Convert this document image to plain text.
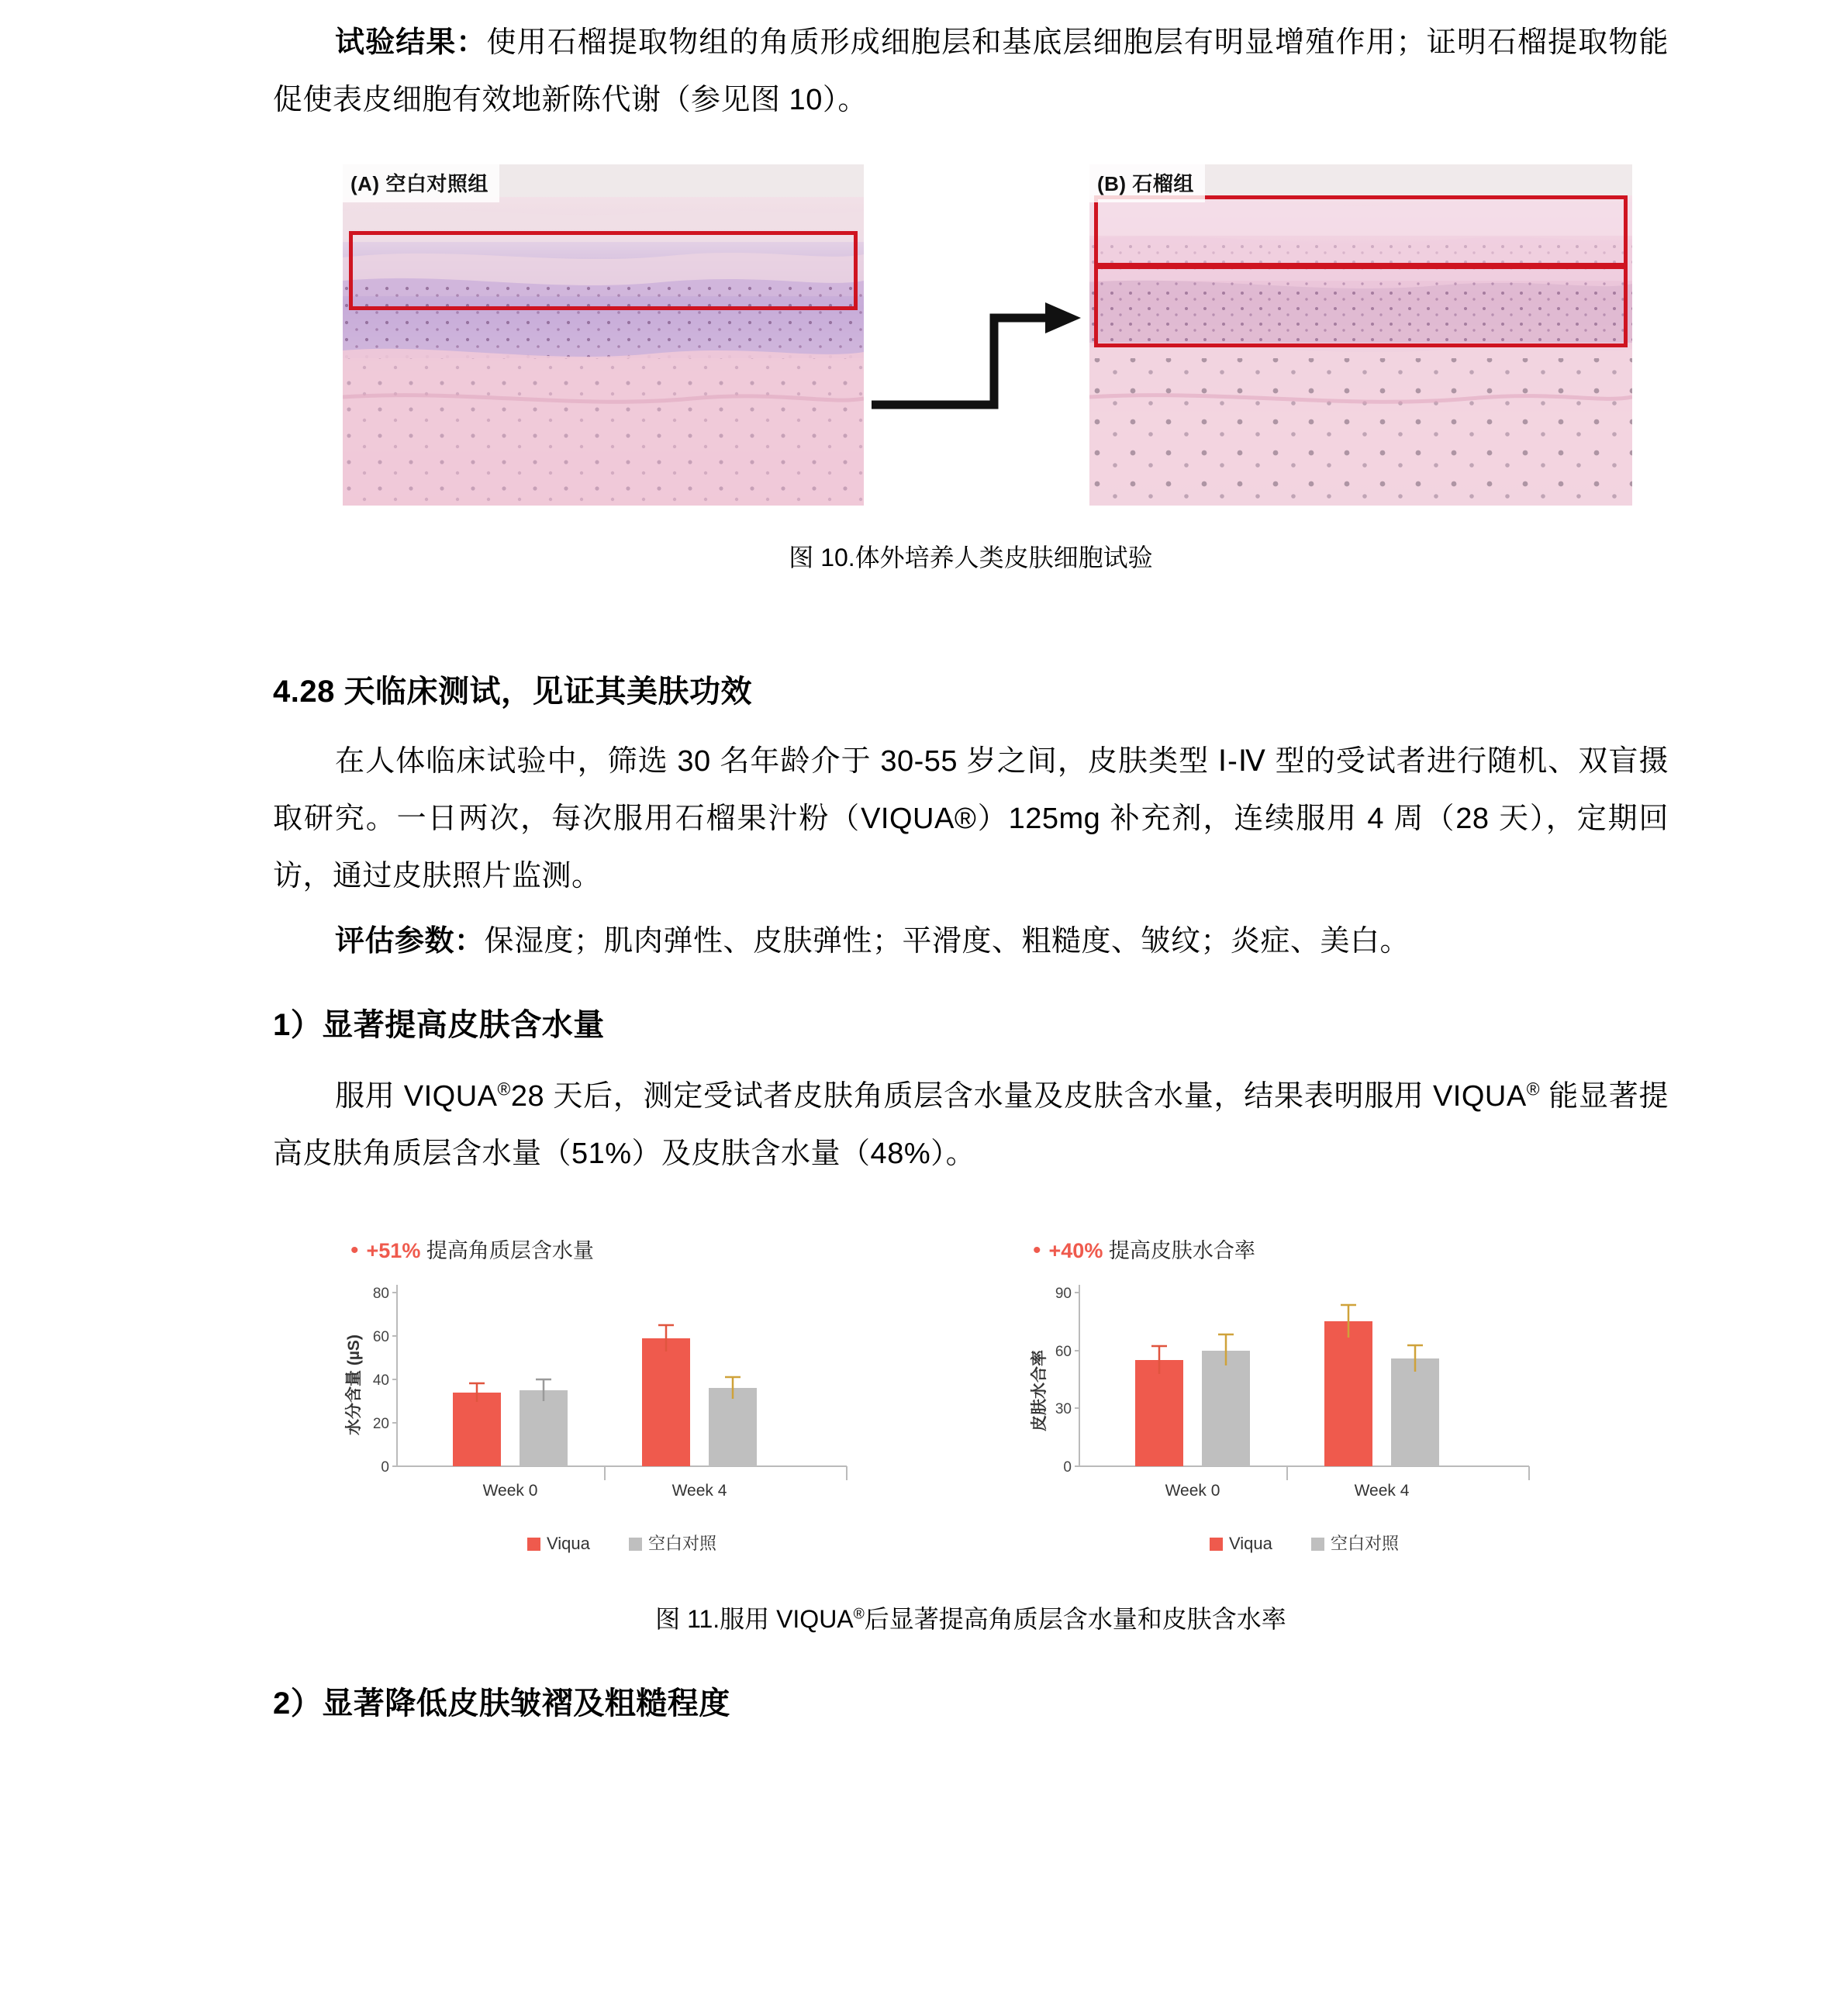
试验结果：使用石榴提取物组的角质形成细胞层和基底层细胞层有明显增殖作用；证明石榴提取物能促使表皮细胞有效地新陈代谢（参见图 10）。

(A) 空白对照组	(B) 石榴组

图 10.体外培养人类皮肤细胞试验

4.28 天临床测试，见证其美肤功效

在人体临床试验中，筛选 30 名年龄介于 30-55 岁之间，皮肤类型 Ⅰ-Ⅳ 型的受试者进行随机、双盲摄取研究。一日两次，每次服用石榴果汁粉（VIQUA®）125mg 补充剂，连续服用 4 周（28 天），定期回访，通过皮肤照片监测。

评估参数：保湿度；肌肉弹性、皮肤弹性；平滑度、粗糙度、皱纹；炎症、美白。

1）显著提高皮肤含水量

服用 VIQUA®28 天后，测定受试者皮肤角质层含水量及皮肤含水量，结果表明服用 VIQUA® 能显著提高皮肤角质层含水量（51%）及皮肤含水量（48%）。

• +51% 提高角质层含水量
0
20
40
60
80
Week 0	Week 4
水分含量 (µS)
Viqua	空白对照
• +40% 提高皮肤水合率
0
30
60
90
Week 0	Week 4
皮肤水合率
Viqua	空白对照

图 11.服用 VIQUA®后显著提高角质层含水量和皮肤含水率

2）显著降低皮肤皱褶及粗糙程度
